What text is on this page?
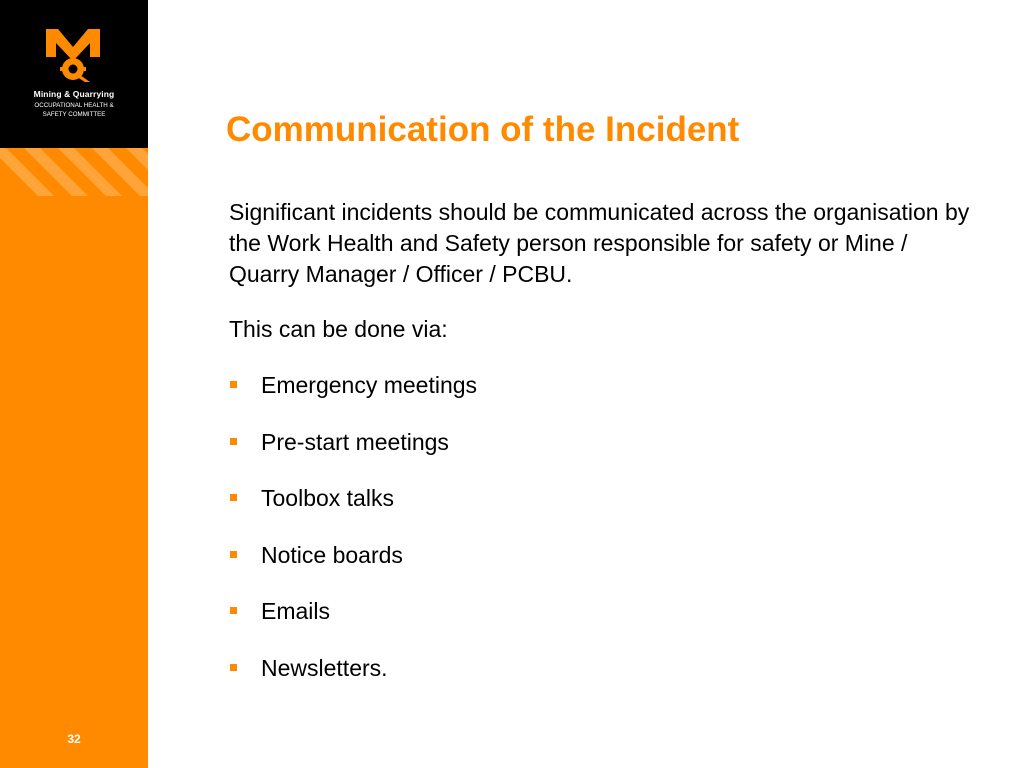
Mining & Quarrying
OCCUPATIONAL HEALTH &
SAFETY COMMITTEE
32
Communication of the Incident

Significant incidents should be communicated across the organisation by the Work Health and Safety person responsible for safety or Mine / Quarry Manager / Officer / PCBU.

This can be done via:

Emergency meetings
Pre-start meetings
Toolbox talks
Notice boards
Emails
Newsletters.
